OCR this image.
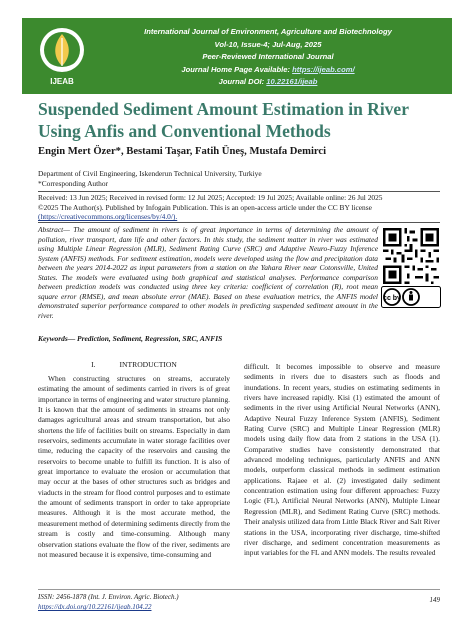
IJEAB
International Journal of Environment, Agriculture and Biotechnology
Vol-10, Issue-4; Jul-Aug, 2025
Peer-Reviewed International Journal
Journal Home Page Available: https://ijeab.com/
Journal DOI: 10.22161/ijeab
Suspended Sediment Amount Estimation in River Using Anfis and Conventional Methods
Engin Mert Özer*, Bestami Taşar, Fatih Üneş, Mustafa Demirci
Department of Civil Engineering, Iskenderun Technical University, Turkiye
*Corresponding Author
Received: 13 Jun 2025; Received in revised form: 12 Jul 2025; Accepted: 19 Jul 2025; Available online: 26 Jul 2025
©2025 The Author(s). Published by Infogain Publication. This is an open-access article under the CC BY license
(https://creativecommons.org/licenses/by/4.0/).
Abstract— The amount of sediment in rivers is of great importance in terms of determining the amount of pollution, river transport, dam life and other factors. In this study, the sediment matter in river was estimated using Multiple Linear Regression (MLR), Sediment Rating Curve (SRC) and Adaptive Neuro-Fuzzy Inference System (ANFIS) methods. For sediment estimation, models were developed using the flow and precipitation data between the years 2014-2022 as input parameters from a station on the Yahara River near Cotonsville, United States. The models were evaluated using both graphical and statistical analyses. Performance comparison between prediction models was conducted using three key criteria: coefficient of correlation (R), root mean square error (RMSE), and mean absolute error (MAE). Based on these evaluation metrics, the ANFIS model demonstrated superior performance compared to other models in predicting suspended sediment amount in the river.
Keywords— Prediction, Sediment, Regression, SRC, ANFIS
cc by
I.	INTRODUCTION

When constructing structures on streams, accurately estimating the amount of sediments carried in rivers is of great importance in terms of engineering and water structure planning. It is known that the amount of sediments in streams not only damages agricultural areas and stream transportation, but also shortens the life of facilities built on streams. Especially in dam reservoirs, sediments accumulate in water storage facilities over time, reducing the capacity of the reservoirs and causing the reservoirs to become unable to fulfill its function. It is also of great importance to evaluate the erosion or accumulation that may occur at the bases of other structures such as bridges and viaducts in the stream for flood control purposes and to estimate the amount of sediments transport in order to take appropriate measures. Although it is the most accurate method, the measurement method of determining sediments directly from the stream is costly and time-consuming. Although many observation stations evaluate the flow of the river, sediments are not measured because it is expensive, time-consuming and

difficult. It becomes impossible to observe and measure sediments in rivers due to disasters such as floods and inundations. In recent years, studies on estimating sediments in rivers have increased rapidly. Kisi (1) estimated the amount of sediments in the river using Artificial Neural Networks (ANN), Adaptive Neural Fuzzy Inference System (ANFIS), Sediment Rating Curve (SRC) and Multiple Linear Regression (MLR) models using daily flow data from 2 stations in the USA (1). Comparative studies have consistently demonstrated that advanced modeling techniques, particularly ANFIS and ANN models, outperform classical methods in sediment estimation applications. Rajaee et al. (2) investigated daily sediment concentration estimation using four different approaches: Fuzzy Logic (FL), Artificial Neural Networks (ANN), Multiple Linear Regression (MLR), and Sediment Rating Curve (SRC) methods. Their analysis utilized data from Little Black River and Salt River stations in the USA, incorporating river discharge, time-shifted river discharge, and sediment concentration measurements as input variables for the FL and ANN models. The results revealed

ISSN: 2456-1878 (Int. J. Environ. Agric. Biotech.)
https://dx.doi.org/10.22161/ijeab.104.22
149
